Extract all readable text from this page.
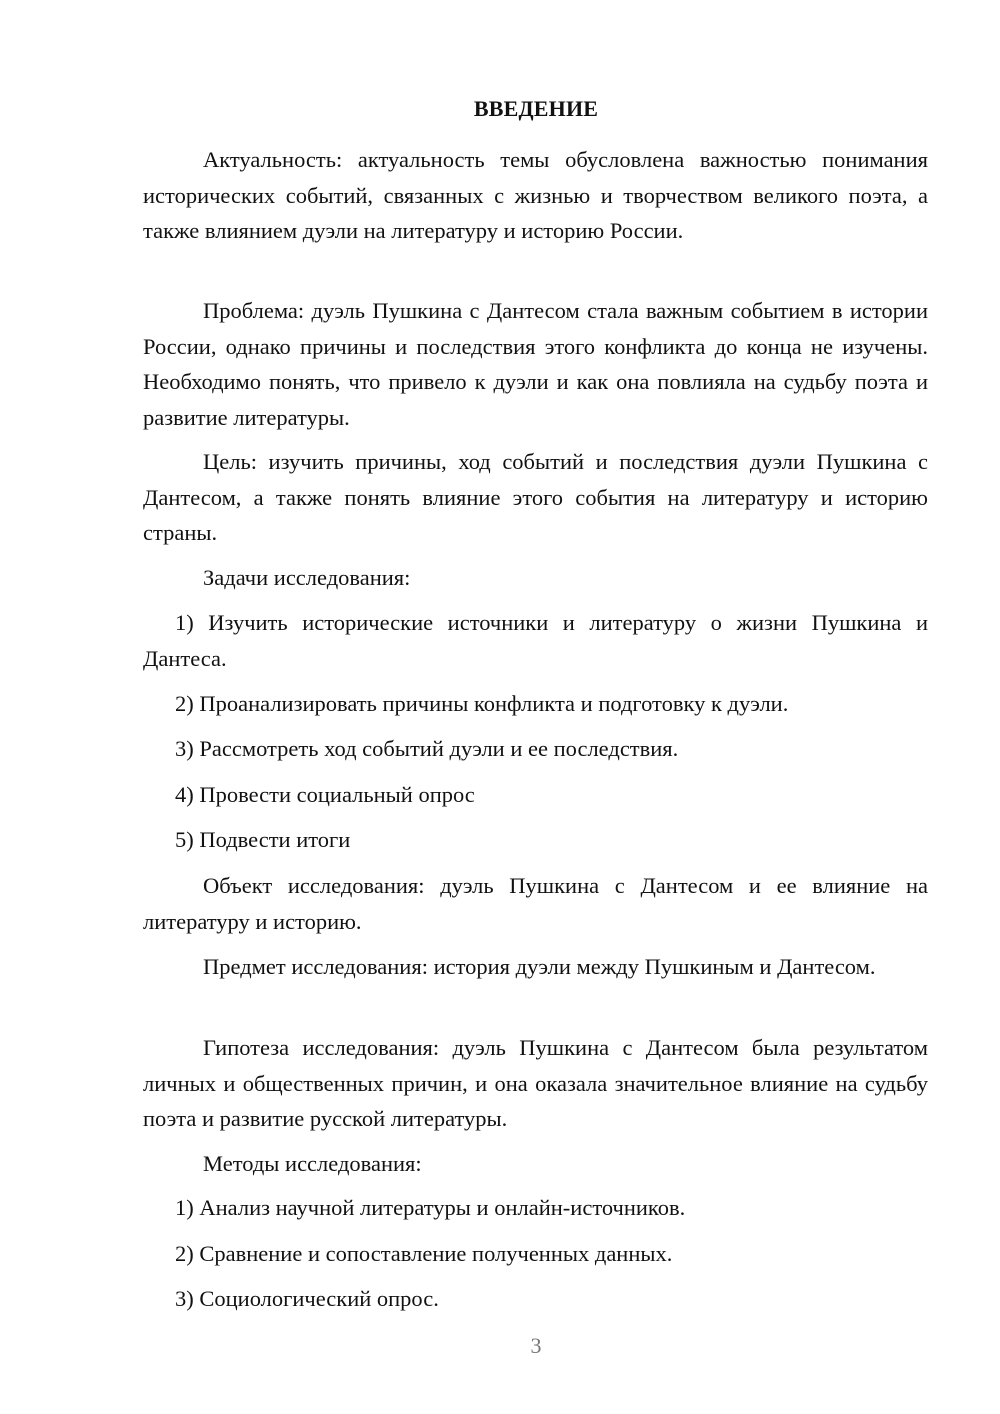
ВВЕДЕНИЕ
Актуальность: актуальность темы обусловлена важностью понимания исторических событий, связанных с жизнью и творчеством великого поэта, а также влиянием дуэли на литературу и историю России.
Проблема: дуэль Пушкина с Дантесом стала важным событием в истории России, однако причины и последствия этого конфликта до конца не изучены. Необходимо понять, что привело к дуэли и как она повлияла на судьбу поэта и развитие литературы.
Цель: изучить причины, ход событий и последствия дуэли Пушкина с Дантесом, а также понять влияние этого события на литературу и историю страны.
Задачи исследования:
1) Изучить исторические источники и литературу о жизни Пушкина и Дантеса.
2) Проанализировать причины конфликта и подготовку к дуэли.
3) Рассмотреть ход событий дуэли и ее последствия.
4) Провести социальный опрос
5) Подвести итоги
Объект исследования: дуэль Пушкина с Дантесом и ее влияние на литературу и историю.
Предмет исследования: история дуэли между Пушкиным и Дантесом.
Гипотеза исследования: дуэль Пушкина с Дантесом была результатом личных и общественных причин, и она оказала значительное влияние на судьбу поэта и развитие русской литературы.
Методы исследования:
1) Анализ научной литературы и онлайн-источников.
2) Сравнение и сопоставление полученных данных.
3) Социологический опрос.
3
